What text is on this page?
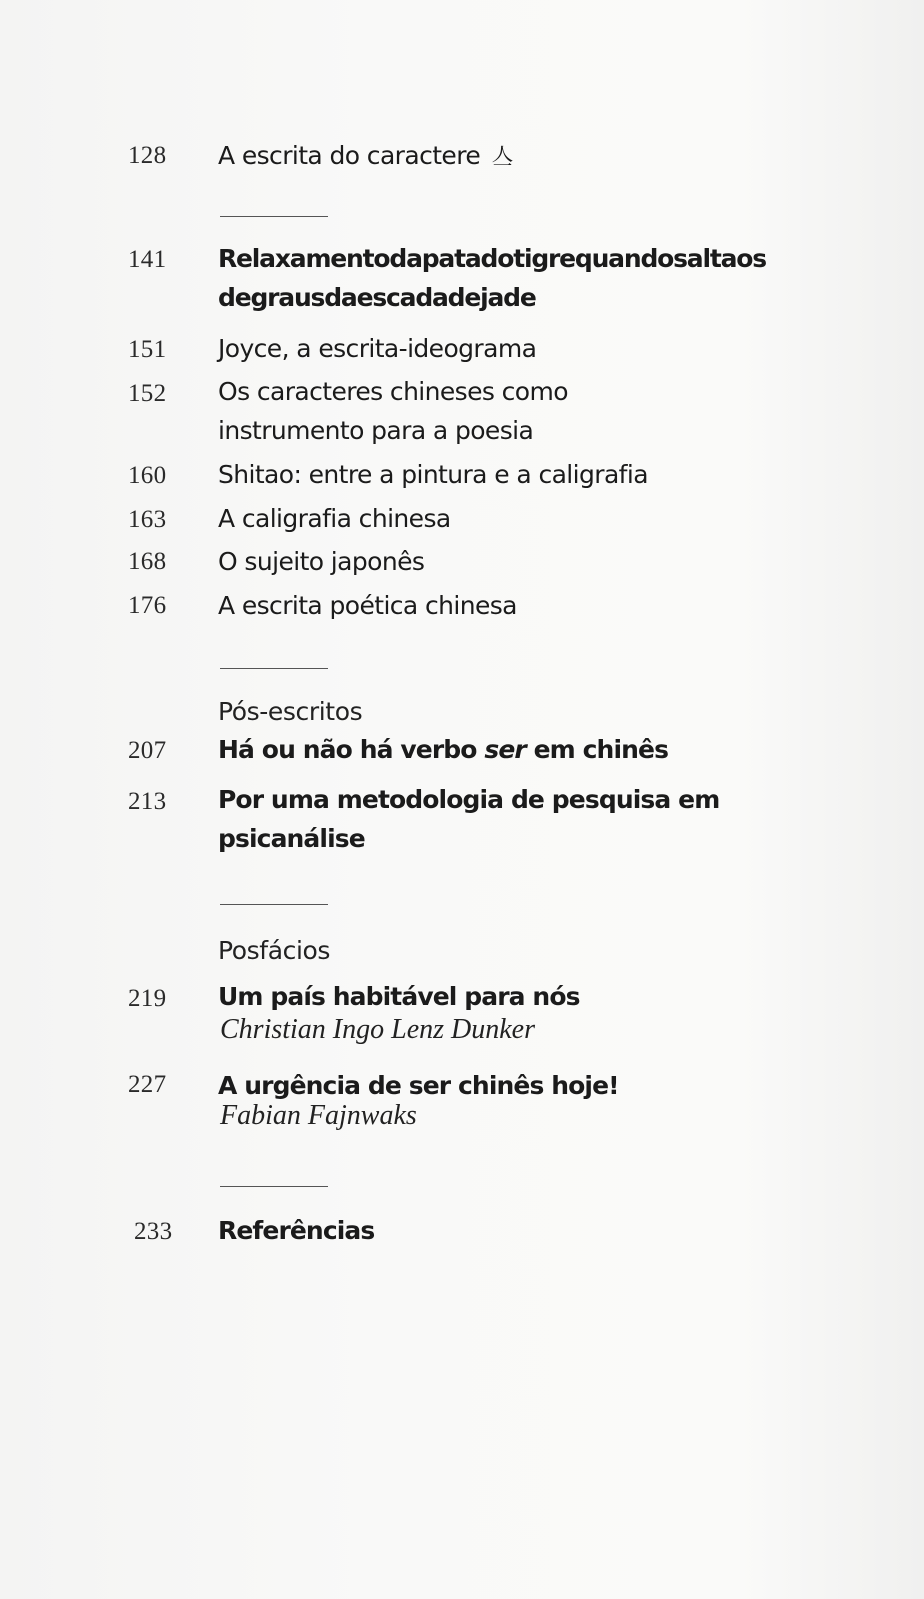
128	A escrita do caractere 亼
141	Relaxamentodapatadotigrequandosaltaos
degrausdaescadadejade
151	Joyce, a escrita-ideograma
152	Os caracteres chineses como
instrumento para a poesia
160	Shitao: entre a pintura e a caligrafia
163	A caligrafia chinesa
168	O sujeito japonês
176	A escrita poética chinesa
Pós-escritos
207	Há ou não há verbo ser em chinês
213	Por uma metodologia de pesquisa em
psicanálise
Posfácios
219	Um país habitável para nós
Christian Ingo Lenz Dunker
227	A urgência de ser chinês hoje!
Fabian Fajnwaks
233	Referências
